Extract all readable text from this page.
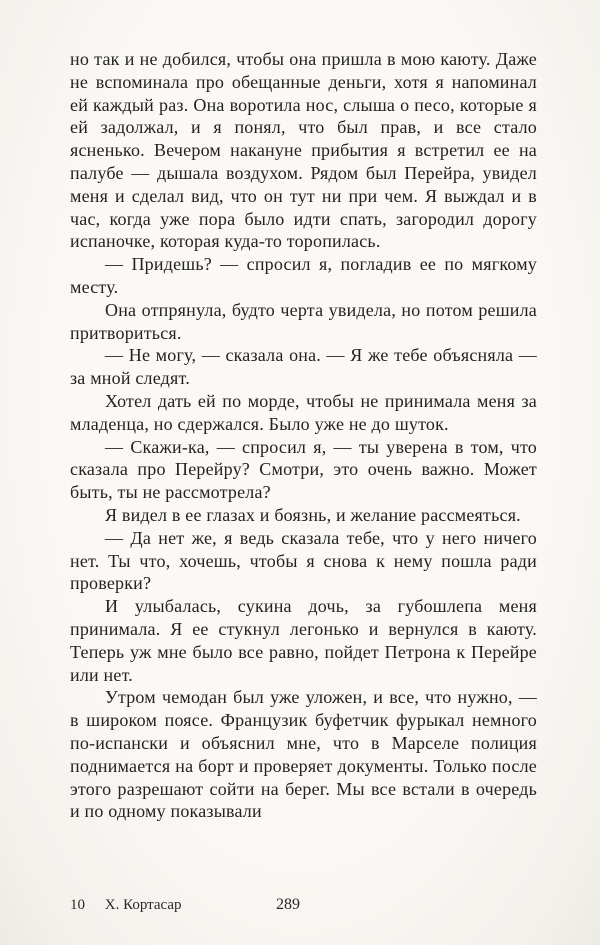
но так и не добился, чтобы она пришла в мою каюту. Даже не вспоминала про обещанные деньги, хотя я напоминал ей каждый раз. Она воротила нос, слыша о песо, которые я ей задолжал, и я понял, что был прав, и все стало ясненько. Вечером накануне прибытия я встретил ее на палубе — дышала воздухом. Рядом был Перейра, увидел меня и сделал вид, что он тут ни при чем. Я выждал и в час, когда уже пора было идти спать, загородил дорогу испаночке, которая куда-то торопилась.

— Придешь? — спросил я, погладив ее по мягкому месту.

Она отпрянула, будто черта увидела, но потом решила притвориться.

— Не могу, — сказала она. — Я же тебе объясняла — за мной следят.

Хотел дать ей по морде, чтобы не принимала меня за младенца, но сдержался. Было уже не до шуток.

— Скажи-ка, — спросил я, — ты уверена в том, что сказала про Перейру? Смотри, это очень важно. Может быть, ты не рассмотрела?

Я видел в ее глазах и боязнь, и желание рассмеяться.

— Да нет же, я ведь сказала тебе, что у него ничего нет. Ты что, хочешь, чтобы я снова к нему пошла ради проверки?

И улыбалась, сукина дочь, за губошлепа меня принимала. Я ее стукнул легонько и вернулся в каюту. Теперь уж мне было все равно, пойдет Петрона к Перейре или нет.

Утром чемодан был уже уложен, и все, что нужно, — в широком поясе. Французик буфетчик фурыкал немного по-испански и объяснил мне, что в Марселе полиция поднимается на борт и проверяет документы. Только после этого разрешают сойти на берег. Мы все встали в очередь и по одному показывали

10 Х. Кортасар	289
